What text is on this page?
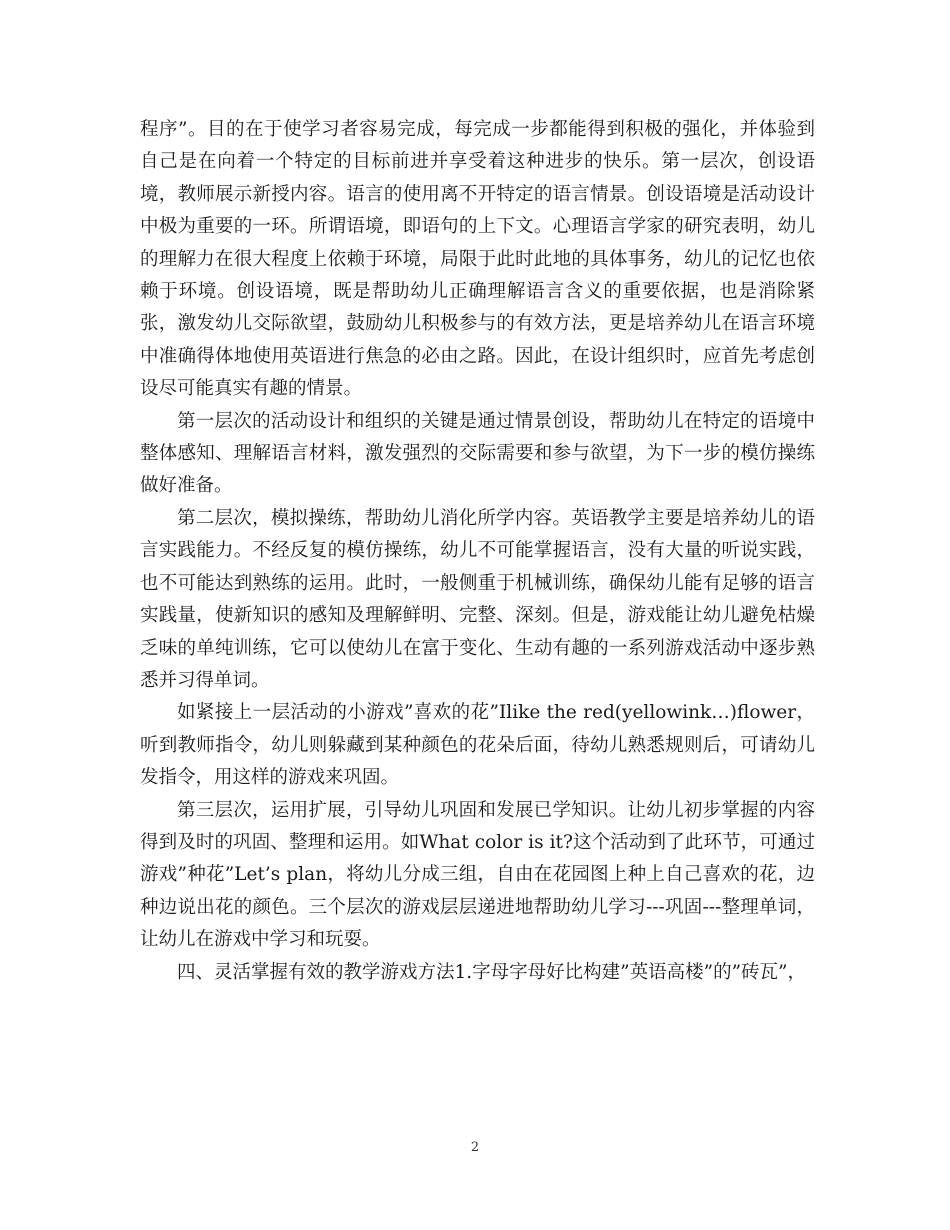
程序”。目的在于使学习者容易完成，每完成一步都能得到积极的强化，并体验到自己是在向着一个特定的目标前进并享受着这种进步的快乐。第一层次，创设语境，教师展示新授内容。语言的使用离不开特定的语言情景。创设语境是活动设计中极为重要的一环。所谓语境，即语句的上下文。心理语言学家的研究表明，幼儿的理解力在很大程度上依赖于环境，局限于此时此地的具体事务，幼儿的记忆也依赖于环境。创设语境，既是帮助幼儿正确理解语言含义的重要依据，也是消除紧张，激发幼儿交际欲望，鼓励幼儿积极参与的有效方法，更是培养幼儿在语言环境中准确得体地使用英语进行焦急的必由之路。因此，在设计组织时，应首先考虑创设尽可能真实有趣的情景。

第一层次的活动设计和组织的关键是通过情景创设，帮助幼儿在特定的语境中整体感知、理解语言材料，激发强烈的交际需要和参与欲望，为下一步的模仿操练做好准备。

第二层次，模拟操练，帮助幼儿消化所学内容。英语教学主要是培养幼儿的语言实践能力。不经反复的模仿操练，幼儿不可能掌握语言，没有大量的听说实践，也不可能达到熟练的运用。此时，一般侧重于机械训练，确保幼儿能有足够的语言实践量，使新知识的感知及理解鲜明、完整、深刻。但是，游戏能让幼儿避免枯燥乏味的单纯训练，它可以使幼儿在富于变化、生动有趣的一系列游戏活动中逐步熟悉并习得单词。

如紧接上一层活动的小游戏”喜欢的花”Ilike the red(yellowink…)flower，听到教师指令，幼儿则躲藏到某种颜色的花朵后面，待幼儿熟悉规则后，可请幼儿发指令，用这样的游戏来巩固。

第三层次，运用扩展，引导幼儿巩固和发展已学知识。让幼儿初步掌握的内容得到及时的巩固、整理和运用。如What color is it?这个活动到了此环节，可通过游戏”种花”Let’s plan，将幼儿分成三组，自由在花园图上种上自己喜欢的花，边种边说出花的颜色。三个层次的游戏层层递进地帮助幼儿学习---巩固---整理单词，让幼儿在游戏中学习和玩耍。

四、灵活掌握有效的教学游戏方法1.字母字母好比构建”英语高楼”的”砖瓦”，

2
